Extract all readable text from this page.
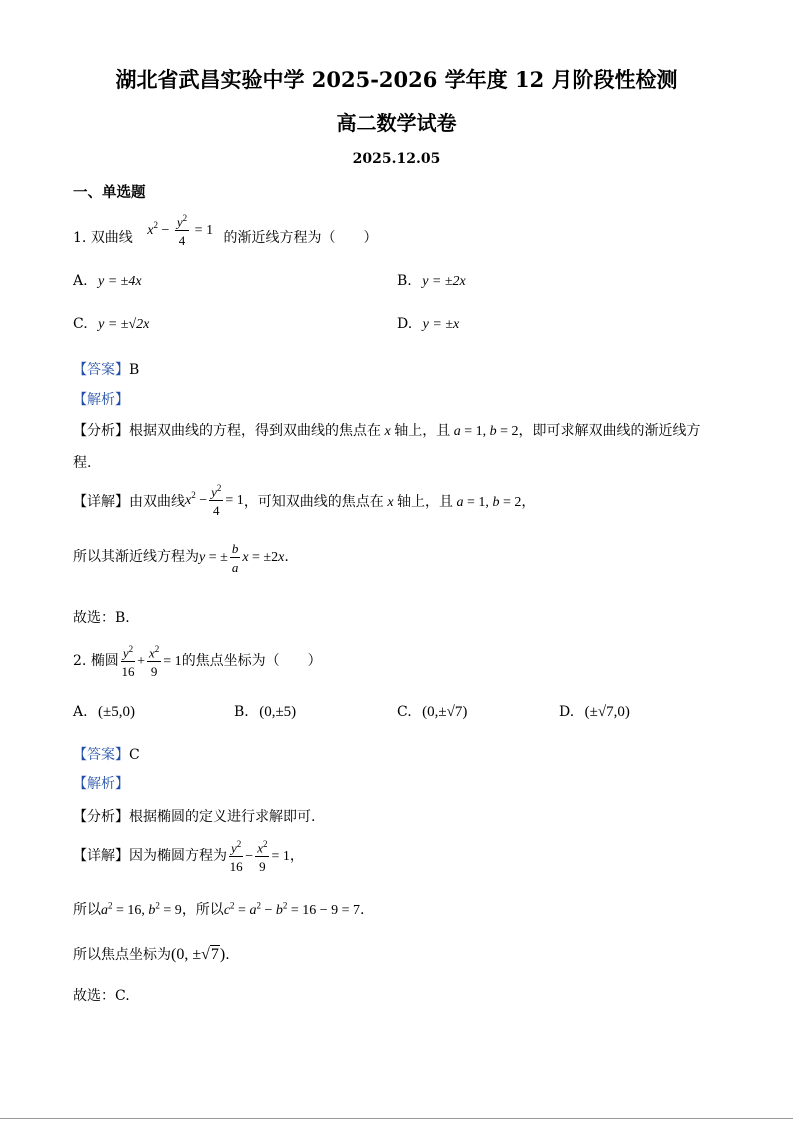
湖北省武昌实验中学 2025-2026 学年度 12 月阶段性检测
高二数学试卷
2025.12.05
一、单选题
1. 双曲线 $x^2 - \frac{y^2}{4} = 1$ 的渐近线方程为（　　）
A. y = ±4x	B. y = ±2x
C. y = ±√2x	D. y = ±x
【答案】B
【解析】
【分析】根据双曲线的方程，得到双曲线的焦点在 x 轴上，且 a = 1, b = 2，即可求解双曲线的渐近线方
程.
【详解】由双曲线$x^2 - \frac{y^2}{4} = 1$，可知双曲线的焦点在 x 轴上，且 a = 1, b = 2，
所以其渐近线方程为y = ± $\frac{b}{a}$ x = ±2x.
故选：B.
2. 椭圆 $\frac{y^2}{16} + \frac{x^2}{9} = 1$的焦点坐标为（　　）
A. (±5,0)	B. (0,±5)	C. (0,±√7)	D. (±√7,0)
【答案】C
【解析】
【分析】根据椭圆的定义进行求解即可.
【详解】因为椭圆方程为 $\frac{y^2}{16} - \frac{x^2}{9} = 1$，
所以$a^2 = 16$, $b^2 = 9$，所以$c^2 = a^2 - b^2 = 16 - 9 = 7$.
所以焦点坐标为(0, ±√7).
故选：C.
